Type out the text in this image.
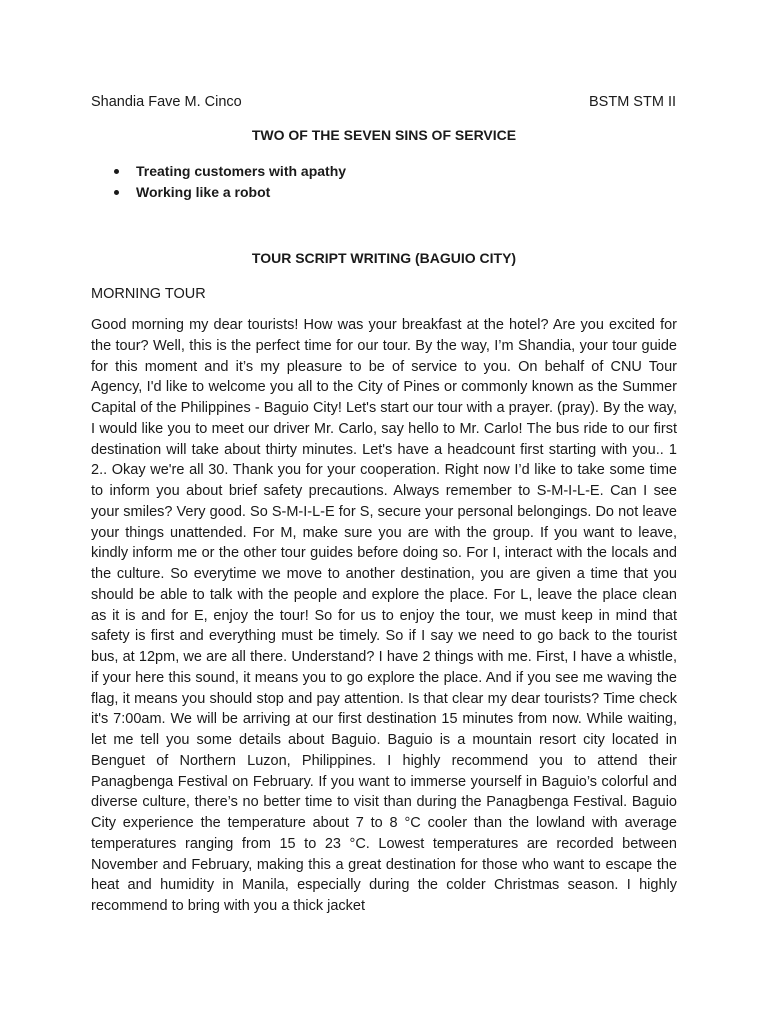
Shandia Fave M. Cinco	BSTM STM II
TWO OF THE SEVEN SINS OF SERVICE
Treating customers with apathy
Working like a robot
TOUR SCRIPT WRITING (BAGUIO CITY)
MORNING TOUR

Good morning my dear tourists! How was your breakfast at the hotel? Are you excited for the tour? Well, this is the perfect time for our tour. By the way, I’m Shandia, your tour guide for this moment and it’s my pleasure to be of service to you. On behalf of CNU Tour Agency, I'd like to welcome you all to the City of Pines or commonly known as the Summer Capital of the Philippines - Baguio City! Let's start our tour with a prayer. (pray). By the way, I would like you to meet our driver Mr. Carlo, say hello to Mr. Carlo! The bus ride to our first destination will take about thirty minutes. Let's have a headcount first starting with you.. 1 2.. Okay we're all 30. Thank you for your cooperation. Right now I’d like to take some time to inform you about brief safety precautions. Always remember to S-M-I-L-E. Can I see your smiles? Very good. So S-M-I-L-E for S, secure your personal belongings. Do not leave your things unattended. For M, make sure you are with the group. If you want to leave, kindly inform me or the other tour guides before doing so. For I, interact with the locals and the culture. So everytime we move to another destination, you are given a time that you should be able to talk with the people and explore the place. For L, leave the place clean as it is and for E, enjoy the tour! So for us to enjoy the tour, we must keep in mind that safety is first and everything must be timely. So if I say we need to go back to the tourist bus, at 12pm, we are all there. Understand? I have 2 things with me. First, I have a whistle, if your here this sound, it means you to go explore the place. And if you see me waving the flag, it means you should stop and pay attention. Is that clear my dear tourists? Time check it's 7:00am. We will be arriving at our first destination 15 minutes from now. While waiting, let me tell you some details about Baguio. Baguio is a mountain resort city located in Benguet of Northern Luzon, Philippines. I highly recommend you to attend their Panagbenga Festival on February. If you want to immerse yourself in Baguio’s colorful and diverse culture, there’s no better time to visit than during the Panagbenga Festival. Baguio City experience the temperature about 7 to 8 °C cooler than the lowland with average temperatures ranging from 15 to 23 °C. Lowest temperatures are recorded between November and February, making this a great destination for those who want to escape the heat and humidity in Manila, especially during the colder Christmas season. I highly recommend to bring with you a thick jacket
